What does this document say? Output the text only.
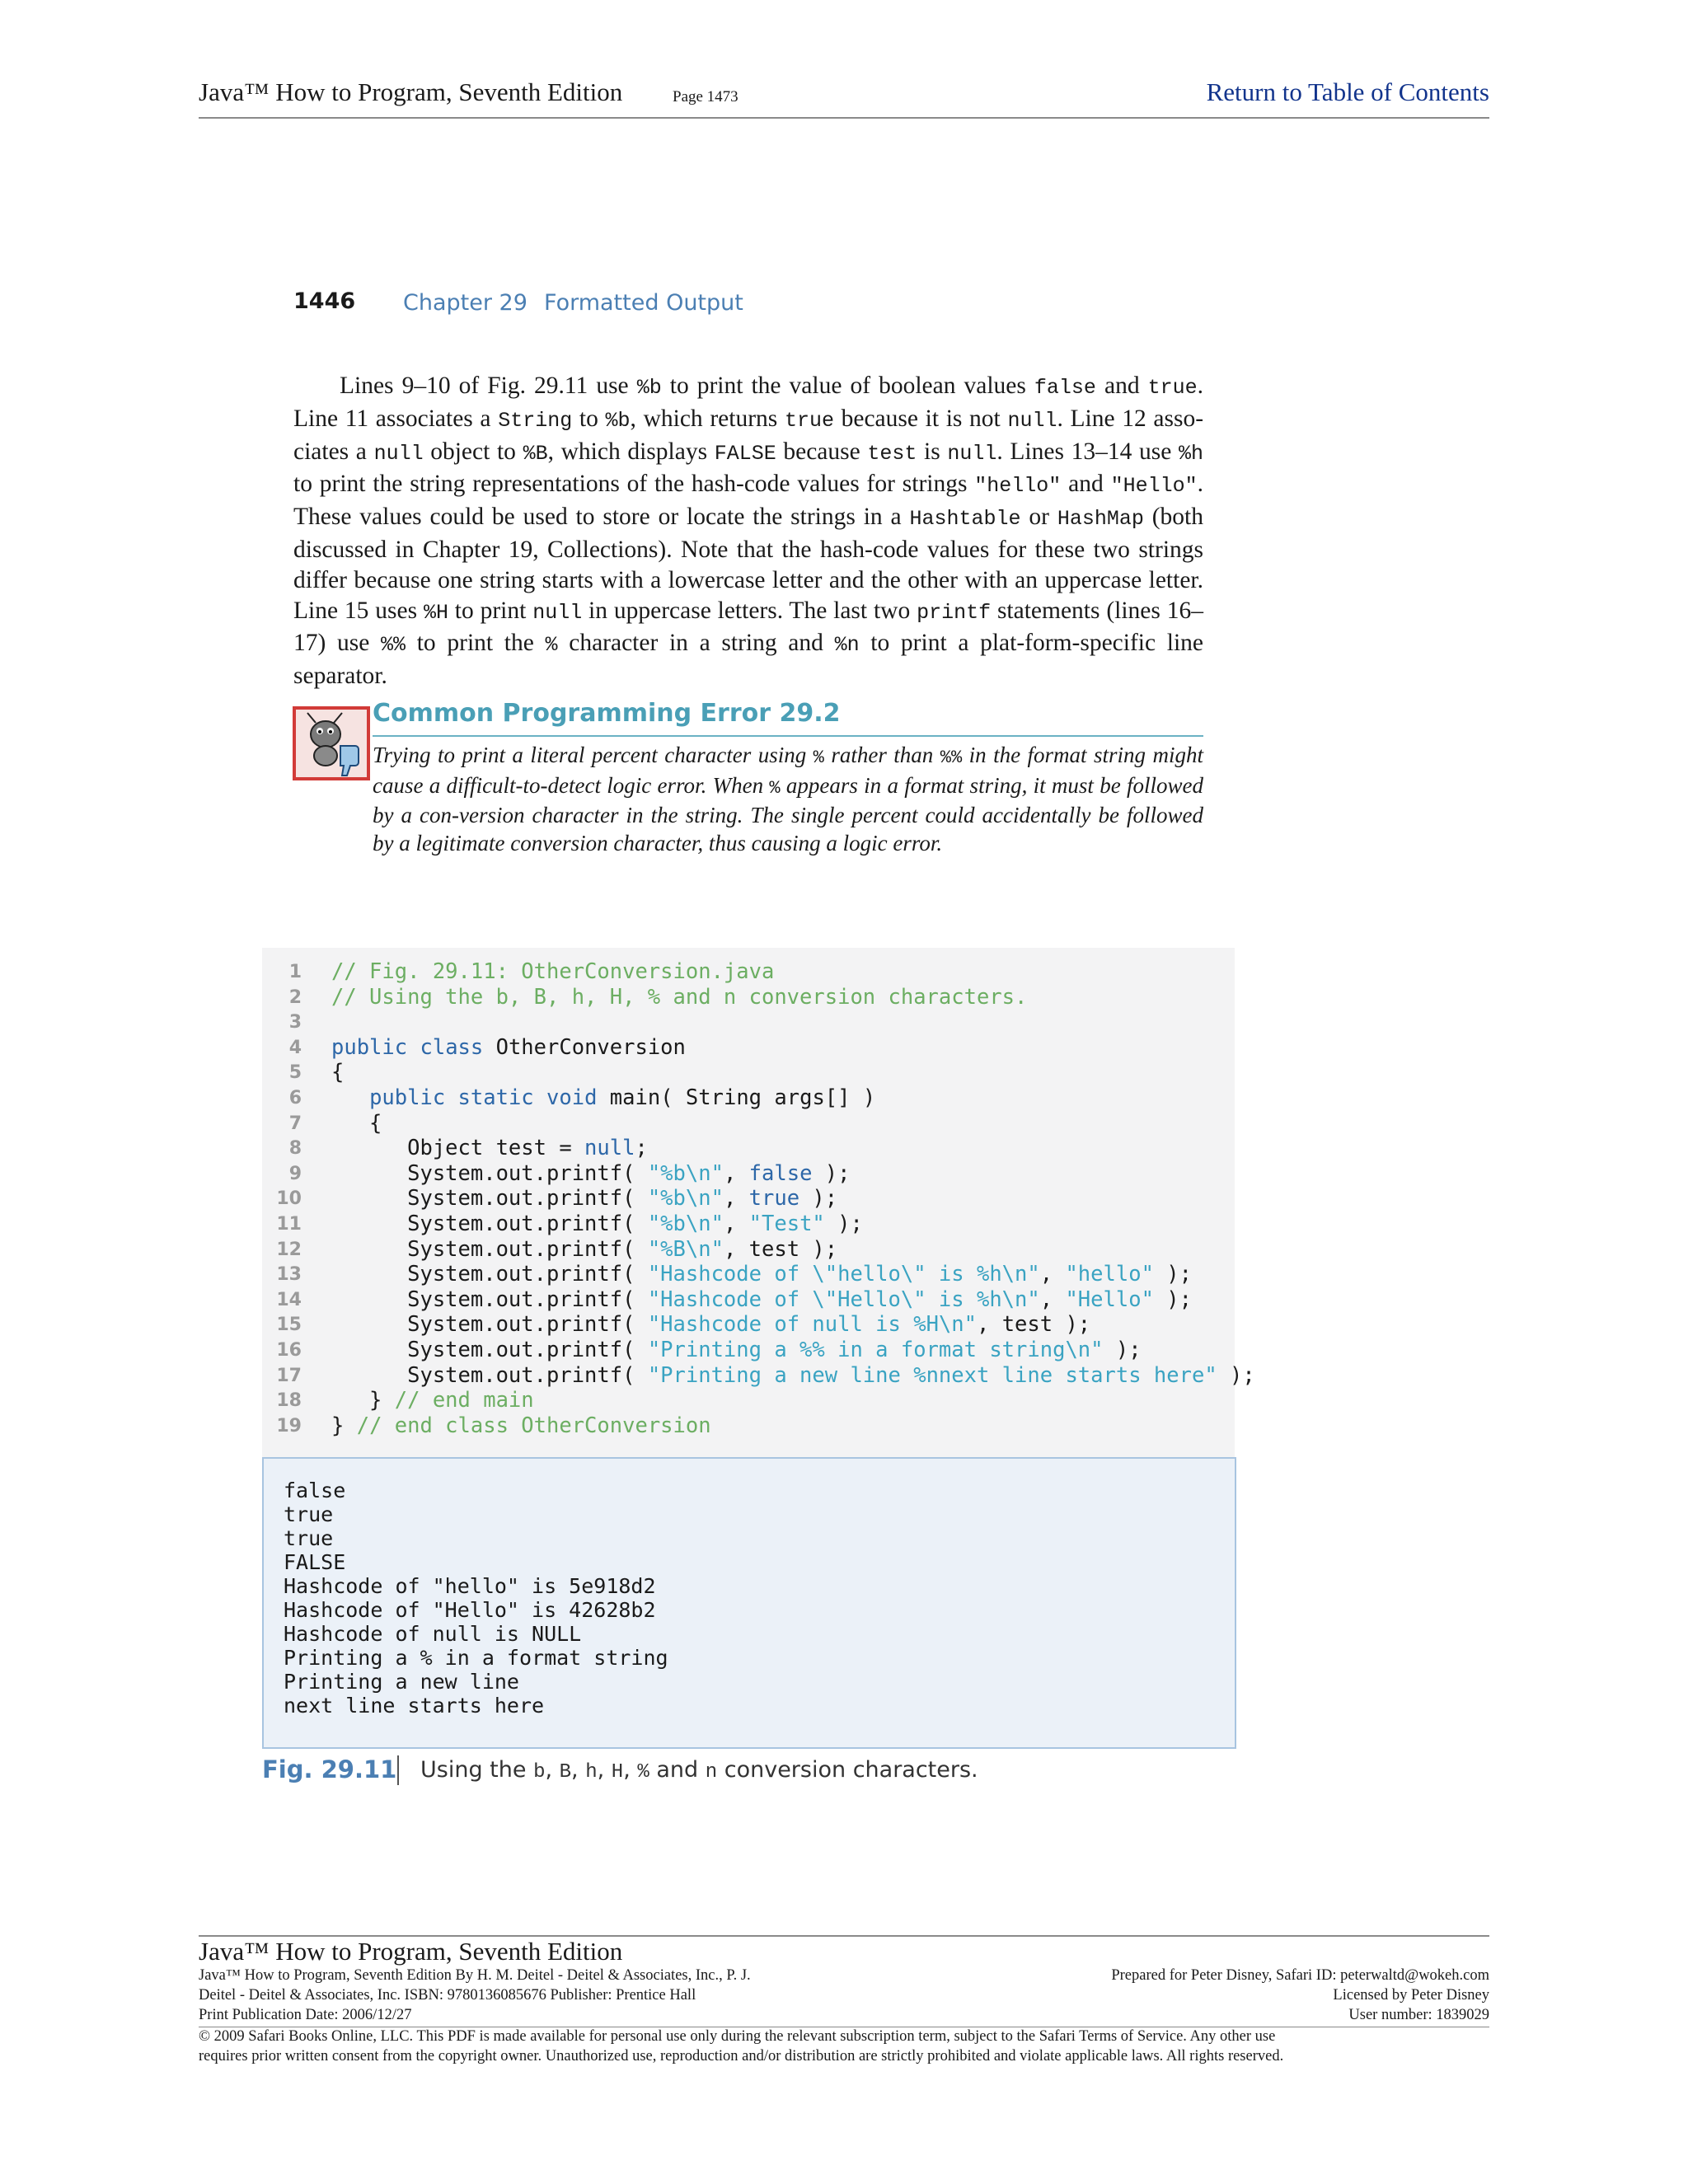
Java™ How to Program, Seventh Edition	Page 1473	Return to Table of Contents
1446 Chapter 29 Formatted Output

Lines 9–10 of Fig. 29.11 use %b to print the value of boolean values false and true. Line 11 associates a String to %b, which returns true because it is not null. Line 12 asso-ciates a null object to %B, which displays FALSE because test is null. Lines 13–14 use %h to print the string representations of the hash-code values for strings "hello" and "Hello". These values could be used to store or locate the strings in a Hashtable or HashMap (both discussed in Chapter 19, Collections). Note that the hash-code values for these two strings differ because one string starts with a lowercase letter and the other with an uppercase letter. Line 15 uses %H to print null in uppercase letters. The last two printf statements (lines 16–17) use %% to print the % character in a string and %n to print a plat-form-specific line separator.

Common Programming Error 29.2

Trying to print a literal percent character using % rather than %% in the format string might cause a difficult-to-detect logic error. When % appears in a format string, it must be followed by a con-version character in the string. The single percent could accidentally be followed by a legitimate conversion character, thus causing a logic error.

1 // Fig. 29.11: OtherConversion.java
2 // Using the b, B, h, H, % and n conversion characters.
3
4 public class OtherConversion
5 {
6	public static void main( String args[] )
7 {
8 Object test = null;
9 System.out.printf( "%b\n", false );
10 System.out.printf( "%b\n", true );
11 System.out.printf( "%b\n", "Test" );
12 System.out.printf( "%B\n", test );
13 System.out.printf( "Hashcode of \"hello\" is %h\n", "hello" );
14 System.out.printf( "Hashcode of \"Hello\" is %h\n", "Hello" );
15 System.out.printf( "Hashcode of null is %H\n", test );
16 System.out.printf( "Printing a %% in a format string\n" );
17 System.out.printf( "Printing a new line %nnext line starts here" );
18 } // end main
19 } // end class OtherConversion
false
true
true
FALSE
Hashcode of "hello" is 5e918d2
Hashcode of "Hello" is 42628b2
Hashcode of null is NULL
Printing a % in a format string
Printing a new line
next line starts here
Fig. 29.11 Using the b, B, h, H, % and n conversion characters.
Java™ How to Program, Seventh Edition
Java™ How to Program, Seventh Edition By H. M. Deitel - Deitel & Associates, Inc., P. J.
Deitel - Deitel & Associates, Inc. ISBN: 9780136085676 Publisher: Prentice Hall
Print Publication Date: 2006/12/27
Prepared for Peter Disney, Safari ID: peterwaltd@wokeh.com
Licensed by Peter Disney
User number: 1839029
© 2009 Safari Books Online, LLC. This PDF is made available for personal use only during the relevant subscription term, subject to the Safari Terms of Service. Any other use
requires prior written consent from the copyright owner. Unauthorized use, reproduction and/or distribution are strictly prohibited and violate applicable laws. All rights reserved.
